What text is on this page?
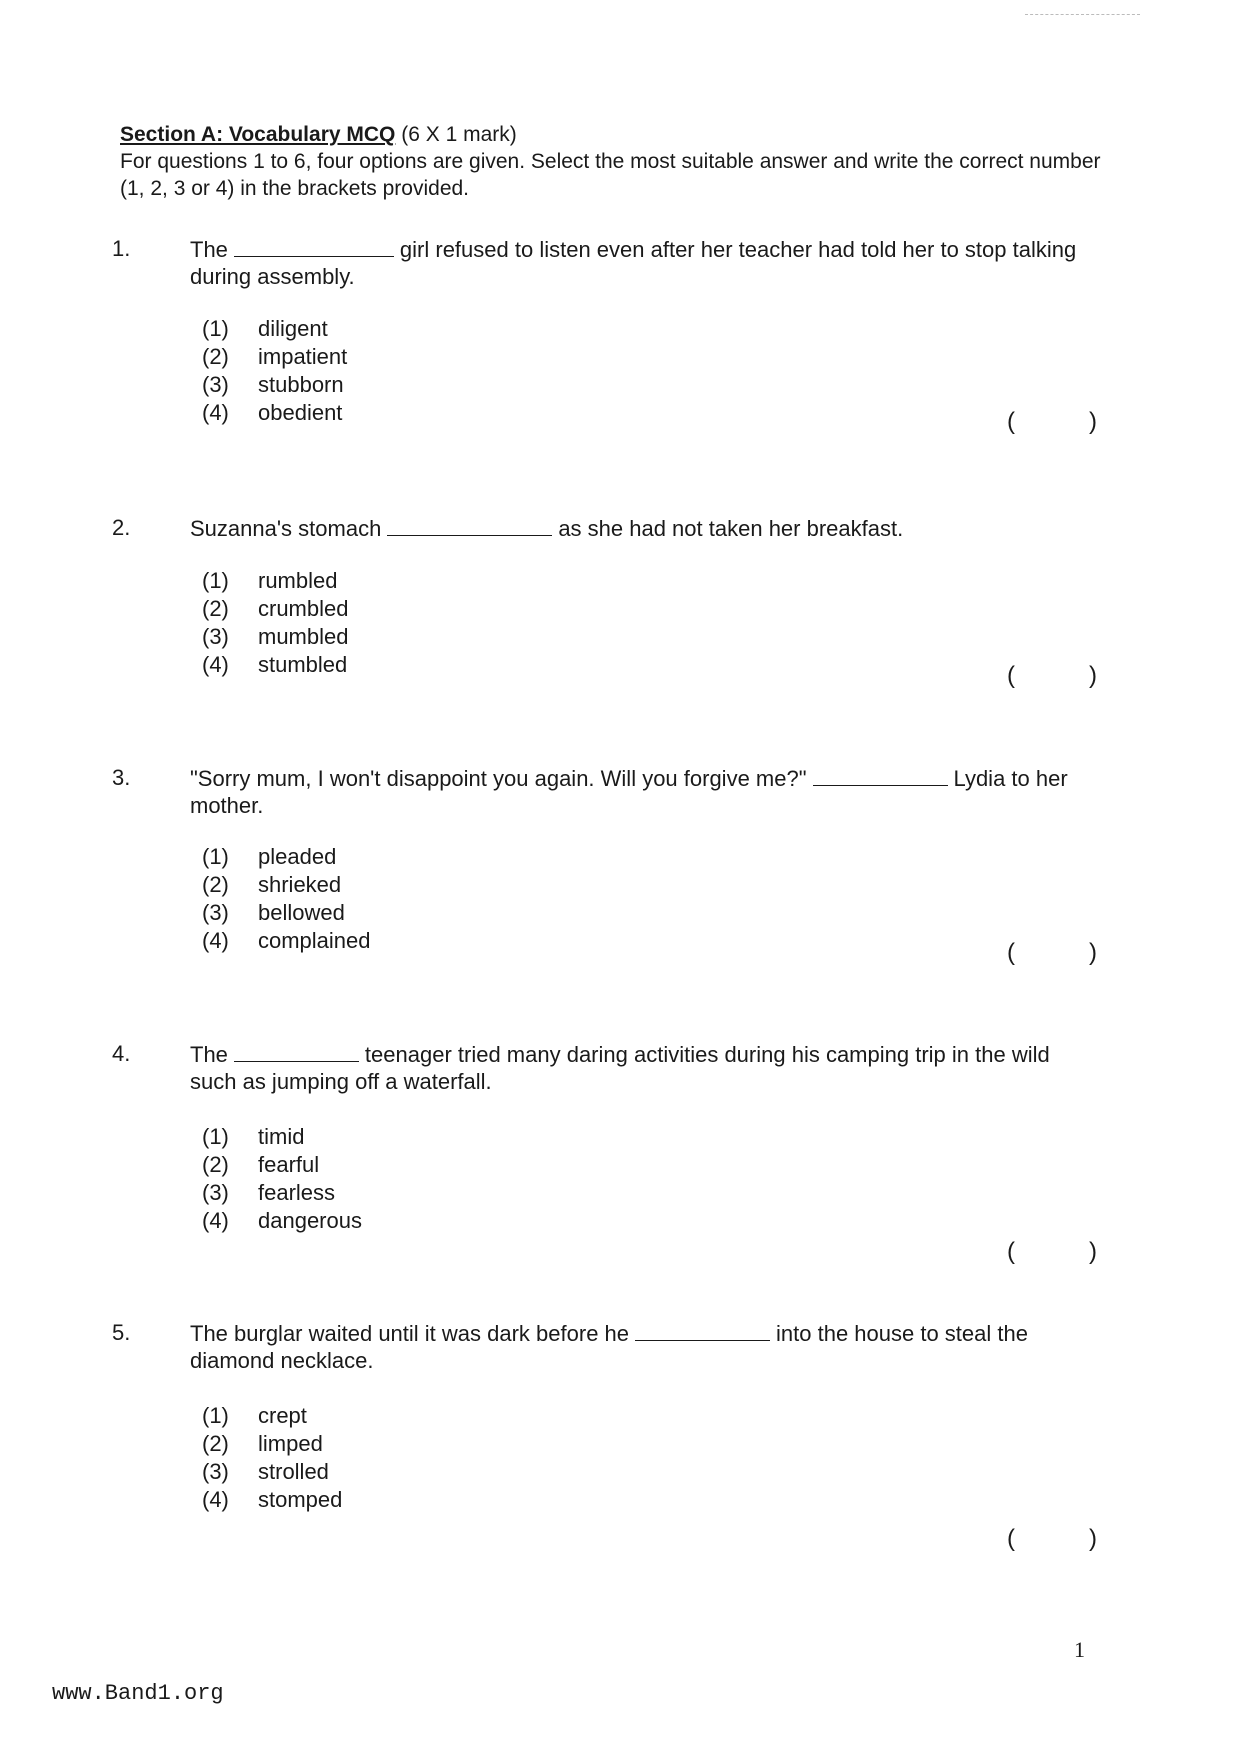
Section A: Vocabulary MCQ (6 X 1 mark)
For questions 1 to 6, four options are given. Select the most suitable answer and write the correct number (1, 2, 3 or 4) in the brackets provided.
1.	The	girl refused to listen even after her teacher had told her to stop talking during assembly.
(1) diligent
(2) impatient
(3) stubborn
(4) obedient	(	)
2.	Suzanna's stomach	as she had not taken her breakfast.
(1) rumbled
(2) crumbled
(3) mumbled
(4) stumbled	(	)
3.	"Sorry mum, I won't disappoint you again. Will you forgive me?"	Lydia to her mother.
(1) pleaded
(2) shrieked
(3) bellowed
(4) complained	(	)
4.	The	teenager tried many daring activities during his camping trip in the wild such as jumping off a waterfall.
(1) timid
(2) fearful
(3) fearless
(4) dangerous
(	)
5.	The burglar waited until it was dark before he	into the house to steal the diamond necklace.
(1) crept
(2) limped
(3) strolled
(4) stomped
(	)
1
www.Band1.org
